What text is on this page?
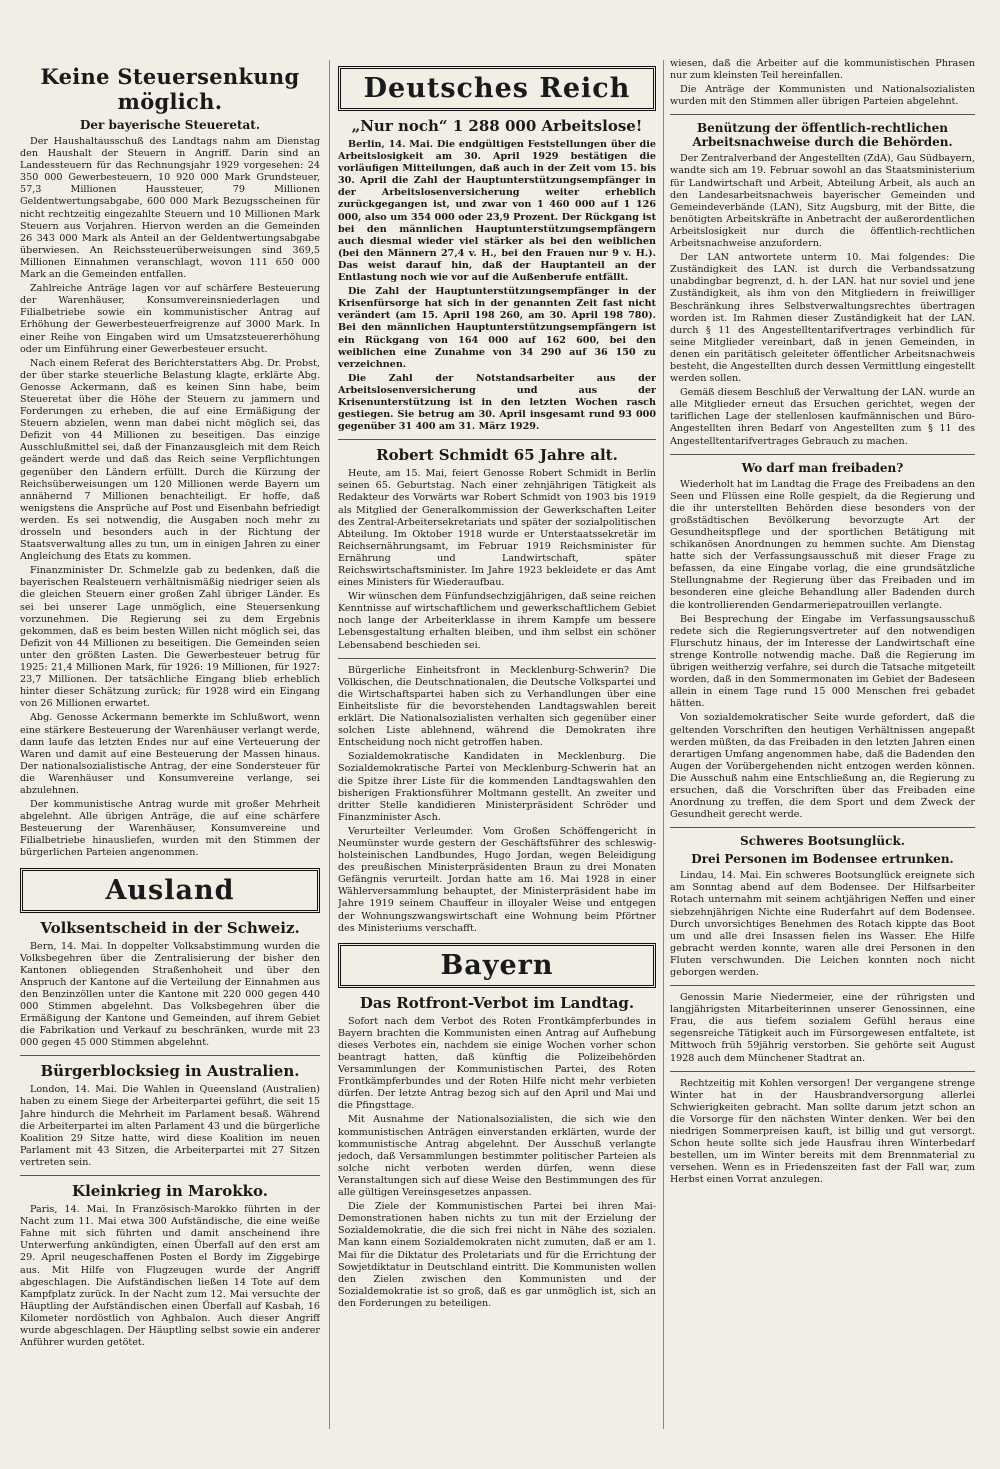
Keine Steuersenkung möglich.
Der bayerische Steueretat.

Der Haushaltausschuß des Landtags nahm am Dienstag den Haushalt der Steuern in Angriff. Darin sind an Landessteuern für das Rechnungsjahr 1929 vorgesehen: 24 350 000 Gewerbesteuern, 10 920 000 Mark Grundsteuer, 57,3 Millionen Haussteuer, 79 Millionen Geldentwertungsabgabe, 600 000 Mark Bezugsscheinen für nicht rechtzeitig eingezahlte Steuern und 10 Millionen Mark Steuern aus Vorjahren. Hiervon werden an die Gemeinden 26 343 000 Mark als Anteil an der Geldentwertungsabgabe überwiesen. An Reichssteuerüberweisungen sind 369,5 Millionen Einnahmen veranschlagt, wovon 111 650 000 Mark an die Gemeinden entfallen.

Zahlreiche Anträge lagen vor auf schärfere Besteuerung der Warenhäuser, Konsumvereinsniederlagen und Filialbetriebe sowie ein kommunistischer Antrag auf Erhöhung der Gewerbesteuerfreigrenze auf 3000 Mark. In einer Reihe von Eingaben wird um Umsatzsteuererhöhung oder um Einführung einer Gewerbesteuer ersucht.

Nach einem Referat des Berichterstatters Abg. Dr. Probst, der über starke steuerliche Belastung klagte, erklärte Abg. Genosse Ackermann, daß es keinen Sinn habe, beim Steueretat über die Höhe der Steuern zu jammern und Forderungen zu erheben, die auf eine Ermäßigung der Steuern abzielen, wenn man dabei nicht möglich sei, das Defizit von 44 Millionen zu beseitigen. Das einzige Ausschlußmittel sei, daß der Finanzausgleich mit dem Reich geändert werde und daß das Reich seine Verpflichtungen gegenüber den Ländern erfüllt. Durch die Kürzung der Reichsüberweisungen um 120 Millionen werde Bayern um annähernd 7 Millionen benachteiligt. Er hoffe, daß wenigstens die Ansprüche auf Post und Eisenbahn befriedigt werden. Es sei notwendig, die Ausgaben noch mehr zu drosseln und besonders auch in der Richtung der Staatsverwaltung alles zu tun, um in einigen Jahren zu einer Angleichung des Etats zu kommen.

Finanzminister Dr. Schmelzle gab zu bedenken, daß die bayerischen Realsteuern verhältnismäßig niedriger seien als die gleichen Steuern einer großen Zahl übriger Länder. Es sei bei unserer Lage unmöglich, eine Steuersenkung vorzunehmen. Die Regierung sei zu dem Ergebnis gekommen, daß es beim besten Willen nicht möglich sei, das Defizit von 44 Millionen zu beseitigen. Die Gemeinden seien unter den größten Lasten. Die Gewerbesteuer betrug für 1925: 21,4 Millionen Mark, für 1926: 19 Millionen, für 1927: 23,7 Millionen. Der tatsächliche Eingang blieb erheblich hinter dieser Schätzung zurück; für 1928 wird ein Eingang von 26 Millionen erwartet.

Abg. Genosse Ackermann bemerkte im Schlußwort, wenn eine stärkere Besteuerung der Warenhäuser verlangt werde, dann laufe das letzten Endes nur auf eine Verteuerung der Waren und damit auf eine Besteuerung der Massen hinaus. Der nationalsozialistische Antrag, der eine Sondersteuer für die Warenhäuser und Konsumvereine verlange, sei abzulehnen.

Der kommunistische Antrag wurde mit großer Mehrheit abgelehnt. Alle übrigen Anträge, die auf eine schärfere Besteuerung der Warenhäuser, Konsumvereine und Filialbetriebe hinausliefen, wurden mit den Stimmen der bürgerlichen Parteien angenommen.

Ausland
Volksentscheid in der Schweiz.

Bern, 14. Mai. In doppelter Volksabstimmung wurden die Volksbegehren über die Zentralisierung der bisher den Kantonen obliegenden Straßenhoheit und über den Anspruch der Kantone auf die Verteilung der Einnahmen aus den Benzinzöllen unter die Kantone mit 220 000 gegen 440 000 Stimmen abgelehnt. Das Volksbegehren über die Ermäßigung der Kantone und Gemeinden, auf ihrem Gebiet die Fabrikation und Verkauf zu beschränken, wurde mit 23 000 gegen 45 000 Stimmen abgelehnt.

Bürgerblocksieg in Australien.

London, 14. Mai. Die Wahlen in Queensland (Australien) haben zu einem Siege der Arbeiterpartei geführt, die seit 15 Jahre hindurch die Mehrheit im Parlament besaß. Während die Arbeiterpartei im alten Parlament 43 und die bürgerliche Koalition 29 Sitze hatte, wird diese Koalition im neuen Parlament mit 43 Sitzen, die Arbeiterpartei mit 27 Sitzen vertreten sein.

Kleinkrieg in Marokko.

Paris, 14. Mai. In Französisch-Marokko führten in der Nacht zum 11. Mai etwa 300 Aufständische, die eine weiße Fahne mit sich führten und damit anscheinend ihre Unterwerfung ankündigten, einen Überfall auf den erst am 29. April neugeschaffenen Posten el Bordy im Ziggebirge aus. Mit Hilfe von Flugzeugen wurde der Angriff abgeschlagen. Die Aufständischen ließen 14 Tote auf dem Kampfplatz zurück. In der Nacht zum 12. Mai versuchte der Häuptling der Aufständischen einen Überfall auf Kasbah, 16 Kilometer nordöstlich von Aghbalon. Auch dieser Angriff wurde abgeschlagen. Der Häuptling selbst sowie ein anderer Anführer wurden getötet.

Deutsches Reich
„Nur noch“ 1 288 000 Arbeitslose!

Berlin, 14. Mai. Die endgültigen Feststellungen über die Arbeitslosigkeit am 30. April 1929 bestätigen die vorläufigen Mitteilungen, daß auch in der Zeit vom 15. bis 30. April die Zahl der Hauptunterstützungsempfänger in der Arbeitslosenversicherung weiter erheblich zurückgegangen ist, und zwar von 1 460 000 auf 1 126 000, also um 354 000 oder 23,9 Prozent. Der Rückgang ist bei den männlichen Hauptunterstützungsempfängern auch diesmal wieder viel stärker als bei den weiblichen (bei den Männern 27,4 v. H., bei den Frauen nur 9 v. H.). Das weist darauf hin, daß der Hauptanteil an der Entlastung noch wie vor auf die Außenberufe entfällt.

Die Zahl der Hauptunterstützungsempfänger in der Krisenfürsorge hat sich in der genannten Zeit fast nicht verändert (am 15. April 198 260, am 30. April 198 780). Bei den männlichen Hauptunterstützungsempfängern ist ein Rückgang von 164 000 auf 162 600, bei den weiblichen eine Zunahme von 34 290 auf 36 150 zu verzeichnen.

Die Zahl der Notstandsarbeiter aus der Arbeitslosenversicherung und aus der Krisenunterstützung ist in den letzten Wochen rasch gestiegen. Sie betrug am 30. April insgesamt rund 93 000 gegenüber 31 400 am 31. März 1929.

Robert Schmidt 65 Jahre alt.

Heute, am 15. Mai, feiert Genosse Robert Schmidt in Berlin seinen 65. Geburtstag. Nach einer zehnjährigen Tätigkeit als Redakteur des Vorwärts war Robert Schmidt von 1903 bis 1919 als Mitglied der Generalkommission der Gewerkschaften Leiter des Zentral-Arbeitersekretariats und später der sozialpolitischen Abteilung. Im Oktober 1918 wurde er Unterstaatssekretär im Reichsernährungsamt, im Februar 1919 Reichsminister für Ernährung und Landwirtschaft, später Reichswirtschaftsminister. Im Jahre 1923 bekleidete er das Amt eines Ministers für Wiederaufbau.

Wir wünschen dem Fünfundsechzigjährigen, daß seine reichen Kenntnisse auf wirtschaftlichem und gewerkschaftlichem Gebiet noch lange der Arbeiterklasse in ihrem Kampfe um bessere Lebensgestaltung erhalten bleiben, und ihm selbst ein schöner Lebensabend beschieden sei.

Bürgerliche Einheitsfront in Mecklenburg-Schwerin? Die Völkischen, die Deutschnationalen, die Deutsche Volkspartei und die Wirtschaftspartei haben sich zu Verhandlungen über eine Einheitsliste für die bevorstehenden Landtagswahlen bereit erklärt. Die Nationalsozialisten verhalten sich gegenüber einer solchen Liste ablehnend, während die Demokraten ihre Entscheidung noch nicht getroffen haben.

Sozialdemokratische Kandidaten in Mecklenburg. Die Sozialdemokratische Partei von Mecklenburg-Schwerin hat an die Spitze ihrer Liste für die kommenden Landtagswahlen den bisherigen Fraktionsführer Moltmann gestellt. An zweiter und dritter Stelle kandidieren Ministerpräsident Schröder und Finanzminister Asch.

Verurteilter Verleumder. Vom Großen Schöffengericht in Neumünster wurde gestern der Geschäftsführer des schleswig-holsteinischen Landbundes, Hugo Jordan, wegen Beleidigung des preußischen Ministerpräsidenten Braun zu drei Monaten Gefängnis verurteilt. Jordan hatte am 16. Mai 1928 in einer Wählerversammlung behauptet, der Ministerpräsident habe im Jahre 1919 seinem Chauffeur in illoyaler Weise und entgegen der Wohnungszwangswirtschaft eine Wohnung beim Pförtner des Ministeriums verschafft.

Bayern
Das Rotfront-Verbot im Landtag.

Sofort nach dem Verbot des Roten Frontkämpferbundes in Bayern brachten die Kommunisten einen Antrag auf Aufhebung dieses Verbotes ein, nachdem sie einige Wochen vorher schon beantragt hatten, daß künftig die Polizeibehörden Versammlungen der Kommunistischen Partei, des Roten Frontkämpferbundes und der Roten Hilfe nicht mehr verbieten dürfen. Der letzte Antrag bezog sich auf den April und Mai und die Pfingsttage.

Mit Ausnahme der Nationalsozialisten, die sich wie den kommunistischen Anträgen einverstanden erklärten, wurde der kommunistische Antrag abgelehnt. Der Ausschuß verlangte jedoch, daß Versammlungen bestimmter politischer Parteien als solche nicht verboten werden dürfen, wenn diese Veranstaltungen sich auf diese Weise den Bestimmungen des für alle gültigen Vereinsgesetzes anpassen.

Die Ziele der Kommunistischen Partei bei ihren Mai-Demonstrationen haben nichts zu tun mit der Erzielung der Sozialdemokratie, die die sich frei nicht in Nähe des sozialen. Man kann einem Sozialdemokraten nicht zumuten, daß er am 1. Mai für die Diktatur des Proletariats und für die Errichtung der Sowjetdiktatur in Deutschland eintritt. Die Kommunisten wollen den Zielen zwischen den Kommunisten und der Sozialdemokratie ist so groß, daß es gar unmöglich ist, sich an den Forderungen zu beteiligen.

wiesen, daß die Arbeiter auf die kommunistischen Phrasen nur zum kleinsten Teil hereinfallen.

Die Anträge der Kommunisten und Nationalsozialisten wurden mit den Stimmen aller übrigen Parteien abgelehnt.

Benützung der öffentlich-rechtlichen Arbeitsnachweise durch die Behörden.

Der Zentralverband der Angestellten (ZdA), Gau Südbayern, wandte sich am 19. Februar sowohl an das Staatsministerium für Landwirtschaft und Arbeit, Abteilung Arbeit, als auch an den Landesarbeitsnachweis bayerischer Gemeinden und Gemeindeverbände (LAN), Sitz Augsburg, mit der Bitte, die benötigten Arbeitskräfte in Anbetracht der außerordentlichen Arbeitslosigkeit nur durch die öffentlich-rechtlichen Arbeitsnachweise anzufordern.

Der LAN antwortete unterm 10. Mai folgendes: Die Zuständigkeit des LAN. ist durch die Verbandssatzung unabdingbar begrenzt, d. h. der LAN. hat nur soviel und jene Zuständigkeit, als ihm von den Mitgliedern in freiwilliger Beschränkung ihres Selbstverwaltungsrechtes übertragen worden ist. Im Rahmen dieser Zuständigkeit hat der LAN. durch § 11 des Angestelltentarifvertrages verbindlich für seine Mitglieder vereinbart, daß in jenen Gemeinden, in denen ein paritätisch geleiteter öffentlicher Arbeitsnachweis besteht, die Angestellten durch dessen Vermittlung eingestellt werden sollen.

Gemäß diesem Beschluß der Verwaltung der LAN. wurde an alle Mitglieder erneut das Ersuchen gerichtet, wegen der tariflichen Lage der stellenlosen kaufmännischen und Büro-Angestellten ihren Bedarf von Angestellten zum § 11 des Angestelltentarifvertrages Gebrauch zu machen.

Wo darf man freibaden?

Wiederholt hat im Landtag die Frage des Freibadens an den Seen und Flüssen eine Rolle gespielt, da die Regierung und die ihr unterstellten Behörden diese besonders von der großstädtischen Bevölkerung bevorzugte Art der Gesundheitspflege und der sportlichen Betätigung mit schikanösen Anordnungen zu hemmen suchte. Am Dienstag hatte sich der Verfassungsausschuß mit dieser Frage zu befassen, da eine Eingabe vorlag, die eine grundsätzliche Stellungnahme der Regierung über das Freibaden und im besonderen eine gleiche Behandlung aller Badenden durch die kontrollierenden Gendarmeriepatrouillen verlangte.

Bei Besprechung der Eingabe im Verfassungsausschuß redete sich die Regierungsvertreter auf den notwendigen Flurschutz hinaus, der im Interesse der Landwirtschaft eine strenge Kontrolle notwendig mache. Daß die Regierung im übrigen weitherzig verfahre, sei durch die Tatsache mitgeteilt worden, daß in den Sommermonaten im Gebiet der Badeseen allein in einem Tage rund 15 000 Menschen frei gebadet hätten.

Von sozialdemokratischer Seite wurde gefordert, daß die geltenden Vorschriften den heutigen Verhältnissen angepaßt werden müßten, da das Freibaden in den letzten Jahren einen derartigen Umfang angenommen habe, daß die Badenden den Augen der Vorübergehenden nicht entzogen werden können. Die Ausschuß nahm eine Entschließung an, die Regierung zu ersuchen, daß die Vorschriften über das Freibaden eine Anordnung zu treffen, die dem Sport und dem Zweck der Gesundheit gerecht werde.

Schweres Bootsunglück.
Drei Personen im Bodensee ertrunken.

Lindau, 14. Mai. Ein schweres Bootsunglück ereignete sich am Sonntag abend auf dem Bodensee. Der Hilfsarbeiter Rotach unternahm mit seinem achtjährigen Neffen und einer siebzehnjährigen Nichte eine Ruderfahrt auf dem Bodensee. Durch unvorsichtiges Benehmen des Rotach kippte das Boot um und alle drei Insassen fielen ins Wasser. Ehe Hilfe gebracht werden konnte, waren alle drei Personen in den Fluten verschwunden. Die Leichen konnten noch nicht geborgen werden.

Genossin Marie Niedermeier, eine der rührigsten und langjährigsten Mitarbeiterinnen unserer Genossinnen, eine Frau, die aus tiefem sozialem Gefühl heraus eine segensreiche Tätigkeit auch im Fürsorgewesen entfaltete, ist Mittwoch früh 59jährig verstorben. Sie gehörte seit August 1928 auch dem Münchener Stadtrat an.

Rechtzeitig mit Kohlen versorgen! Der vergangene strenge Winter hat in der Hausbrandversorgung allerlei Schwierigkeiten gebracht. Man sollte darum jetzt schon an die Vorsorge für den nächsten Winter denken. Wer bei den niedrigen Sommerpreisen kauft, ist billig und gut versorgt. Schon heute sollte sich jede Hausfrau ihren Winterbedarf bestellen, um im Winter bereits mit dem Brennmaterial zu versehen. Wenn es in Friedenszeiten fast der Fall war, zum Herbst einen Vorrat anzulegen.
